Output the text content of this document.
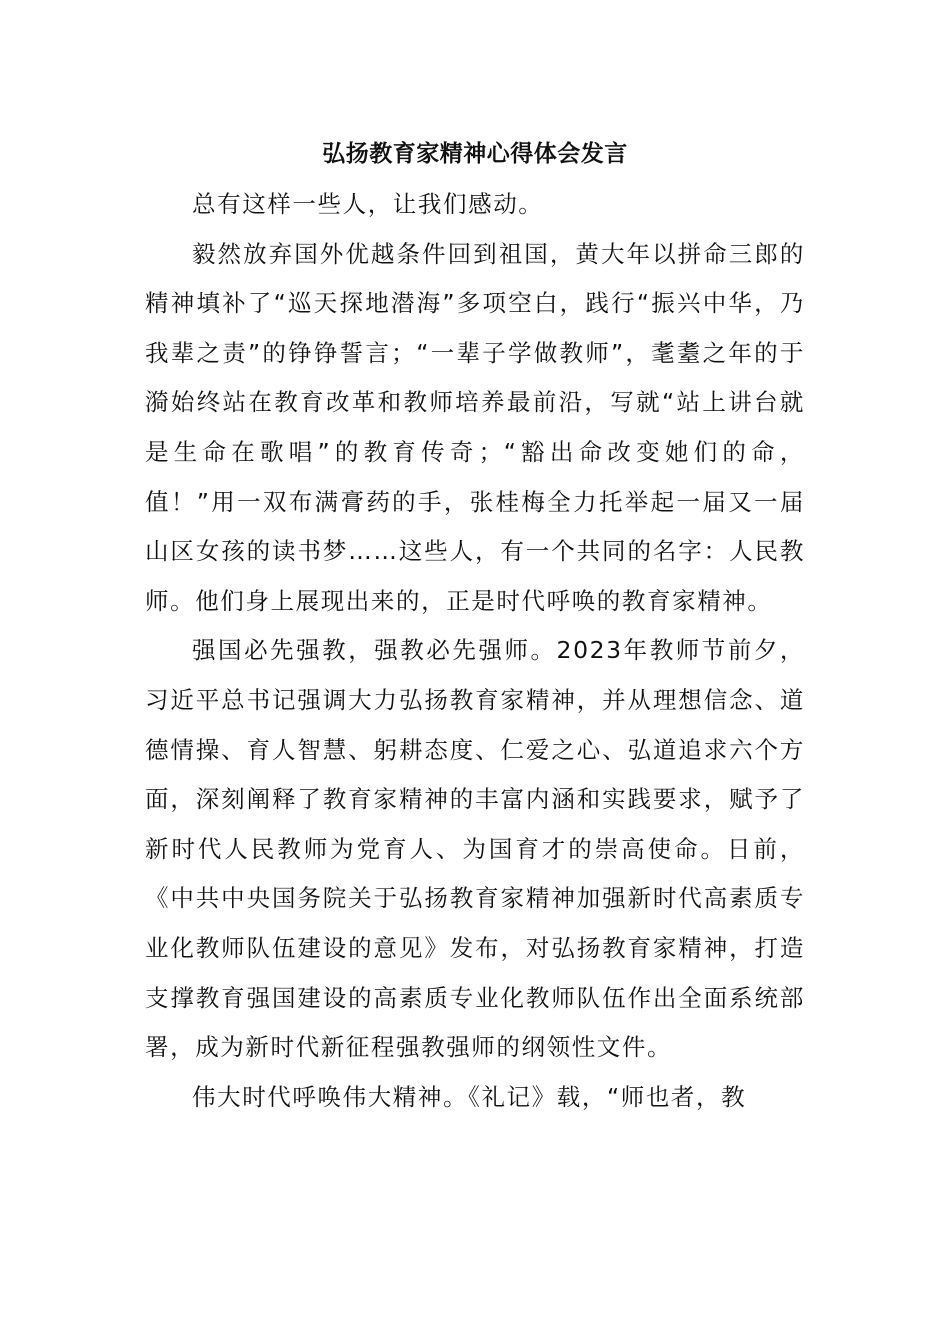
弘扬教育家精神心得体会发言

总有这样一些人，让我们感动。

毅然放弃国外优越条件回到祖国，黄大年以拼命三郎的精神填补了“巡天探地潜海”多项空白，践行“振兴中华，乃我辈之责”的铮铮誓言；“一辈子学做教师”，耄耋之年的于漪始终站在教育改革和教师培养最前沿，写就“站上讲台就是生命在歌唱”的教育传奇；“豁出命改变她们的命，值！”用一双布满膏药的手，张桂梅全力托举起一届又一届山区女孩的读书梦……这些人，有一个共同的名字：人民教师。他们身上展现出来的，正是时代呼唤的教育家精神。

强国必先强教，强教必先强师。2023年教师节前夕，习近平总书记强调大力弘扬教育家精神，并从理想信念、道德情操、育人智慧、躬耕态度、仁爱之心、弘道追求六个方面，深刻阐释了教育家精神的丰富内涵和实践要求，赋予了新时代人民教师为党育人、为国育才的崇高使命。日前，《中共中央国务院关于弘扬教育家精神加强新时代高素质专业化教师队伍建设的意见》发布，对弘扬教育家精神，打造支撑教育强国建设的高素质专业化教师队伍作出全面系统部署，成为新时代新征程强教强师的纲领性文件。

伟大时代呼唤伟大精神。《礼记》载，“师也者，教
